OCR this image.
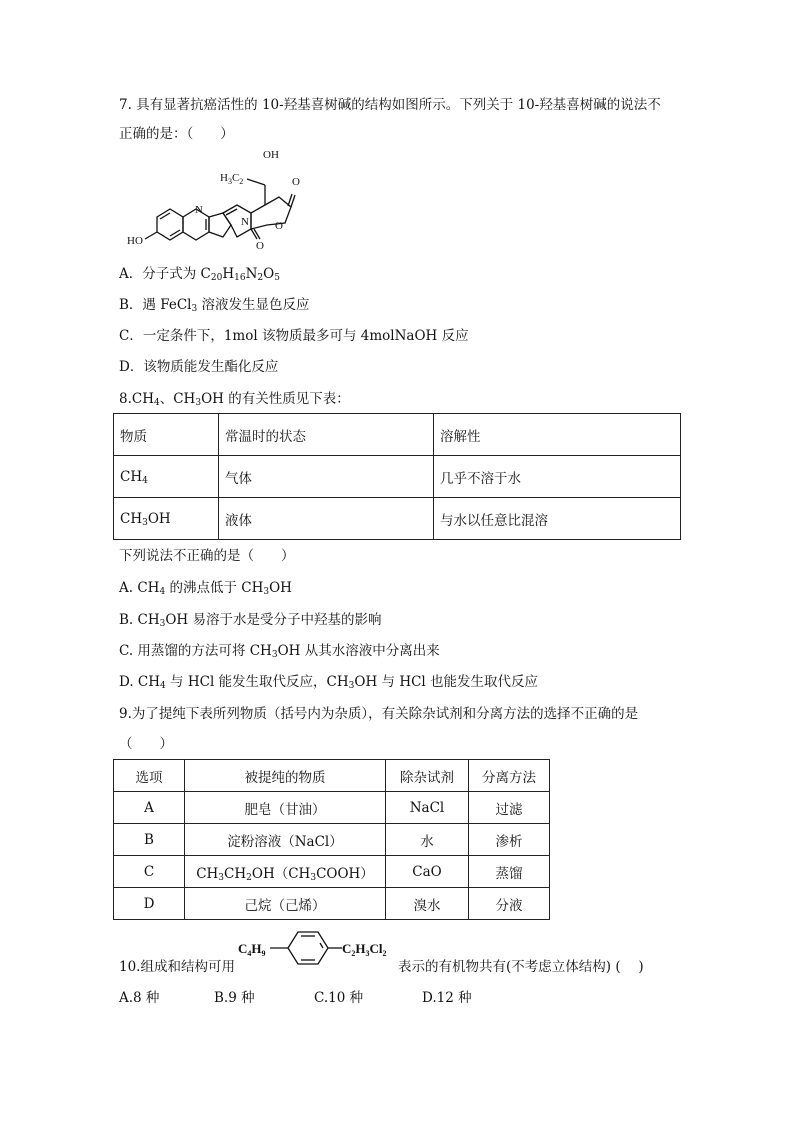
7. 具有显著抗癌活性的 10-羟基喜树碱的结构如图所示。下列关于 10-羟基喜树碱的说法不
正确的是：（　　）
OH
$H_3C_2$	O
O
N
N
O
HO
A．分子式为 $C_{20}H_{16}N_2O_5$
B．遇 FeCl$_3$ 溶液发生显色反应
C．一定条件下，1mol 该物质最多可与 4molNaOH 反应
D．该物质能发生酯化反应
$8.CH_4$、$CH_3OH$ 的有关性质见下表：
物质	常温时的状态	溶解性
$CH_4$	气体	几乎不溶于水
$CH_3OH$	液体	与水以任意比混溶
下列说法不正确的是（　　）
A. $CH_4$ 的沸点低于 $CH_3OH$
B. $CH_3OH$ 易溶于水是受分子中羟基的影响
C. 用蒸馏的方法可将 $CH_3OH$ 从其水溶液中分离出来
D. $CH_4$ 与 HCl 能发生取代反应，$CH_3OH$ 与 HCl 也能发生取代反应
9.为了提纯下表所列物质（括号内为杂质），有关除杂试剂和分离方法的选择不正确的是
（　　）
选项	被提纯的物质	除杂试剂	分离方法
A	肥皂（甘油）	NaCl	过滤
B	淀粉溶液（NaCl）	水	渗析
C	$CH_3CH_2OH(CH_3COOH)$	CaO	蒸馏
D	己烷（己烯）	溴水	分液
$C_4H_9$	$C_2H_3Cl_2$
10.组成和结构可用	表示的有机物共有(不考虑立体结构) (　 )
A.8 种	B.9 种	C.10 种	D.12 种
